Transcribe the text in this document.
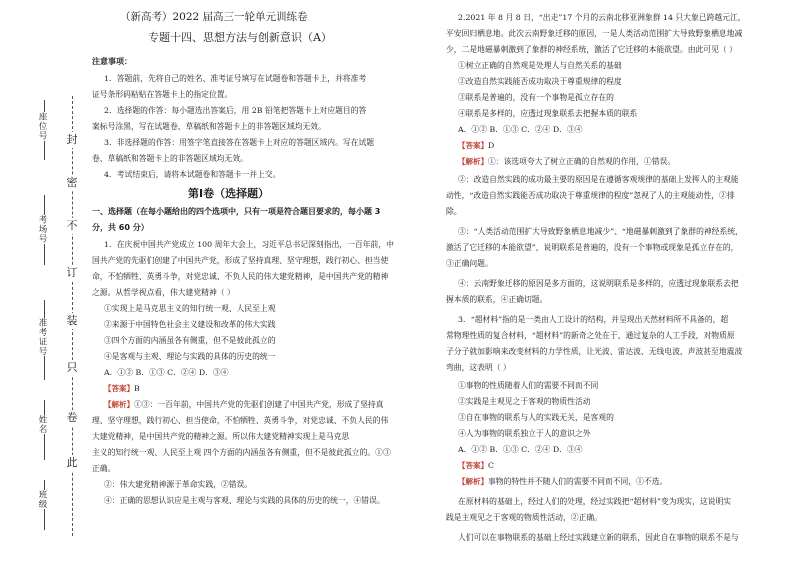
封
密
不
订
装
只
卷
此
座位号
考场号
准考证号
姓名
班级
（新高考）2022 届高三一轮单元训练卷
专题十四、思想方法与创新意识（A）
注意事项：
1．答题前，先将自己的姓名、准考证号填写在试题卷和答题卡上，并将准考
证号条形码粘贴在答题卡上的指定位置。
2．选择题的作答：每小题选出答案后，用 2B 铅笔把答题卡上对应题目的答
案标号涂黑，写在试题卷、草稿纸和答题卡上的非答题区域均无效。
3．非选择题的作答：用签字笔直接答在答题卡上对应的答题区域内。写在试题
卷、草稿纸和答题卡上的非答题区域均无效。
4．考试结束后，请将本试题卷和答题卡一并上交。
第Ⅰ卷（选择题）
一、选择题（在每小题给出的四个选项中，只有一项是符合题目要求的，每小题 3
分，共 60 分）
1．在庆祝中国共产党成立 100 周年大会上，习近平总书记深刻指出，一百年前，中
国共产党的先驱们创建了中国共产党，形成了坚持真理、坚守理想，践行初心、担当使
命，不怕牺牲、英勇斗争，对党忠诚、不负人民的伟大建党精神，是中国共产党的精神
之源。从哲学视点看，伟大建党精神（ ）
①实现上是马克思主义的知行统一观、人民至上观
②来源于中国特色社会主义建设和改革的伟大实践
③四个方面的内涵虽各有侧重，但不是彼此孤立的
④是客观与主观、理论与实践的具体的历史的统一
A．①② B．①③ C．②④ D．③④
【答案】B
【解析】①③：一百年前，中国共产党的先驱们创建了中国共产党，形成了坚持真
理、坚守理想，践行初心、担当使命，不怕牺牲、英勇斗争，对党忠诚、不负人民的伟
大建党精神，是中国共产党的精神之源。所以伟大建党精神实现上是马克思
主义的知行统一观、人民至上观 四个方面的内涵虽各有侧重，但不是彼此孤立的。①③
正确。
②：伟大建党精神源于革命实践，②错误。
④：正确的思想认识应是主观与客观、理论与实践的具体的历史的统一，④错误。
2.2021 年 8 月 8 日，“出走”17 个月的云南北移亚洲象群 14 只大象已跨越元江，
平安回归栖息地。此次云南野象迁移的原因，一是人类活动范围扩大导致野象栖息地减
少，二是地磁暴刺激到了象群的神经系统，激活了它迁移的本能欲望。由此可见（ ）
①树立正确的自然观是处理人与自然关系的基础
②改造自然实践能否成功取决于尊重规律的程度
③联系是普遍的，没有一个事物是孤立存在的
④联系是多样的，应透过现象联系去把握本质的联系
A．①② B．①③ C．②④ D．③④
【答案】D
【解析】①：该选项夸大了树立正确的自然观的作用，①错误。
②：改造自然实践的成功最主要的原因是在遵循客观规律的基础上发挥人的主观能
动性，“改造自然实践能否成功取决于尊重规律的程度”忽视了人的主观能动性，②排
除。
③：“人类活动范围扩大导致野象栖息地减少”、“地磁暴刺激到了象群的神经系统，
激活了它迁移的本能欲望”，说明联系是普遍的，没有一个事物或现象是孤立存在的，
③正确问题。
④：云南野象迁移的原因是多方面的，这说明联系是多样的，应透过现象联系去把
握本质的联系，④正确切题。
3．“超材料”指的是一类由人工设计的结构，并呈现出天然材料所不具备的，超
常物理性质的复合材料，“超材料”的新奇之处在于，通过复杂的人工手段，对物质原
子分子就加影响来改变材料的力学性质，让光波、雷达波、无线电波，声波甚至地震波
弯曲，这表明（ ）
①事物的性质随着人们的需要不同而不同
②实践是主观见之于客观的物质性活动
③自在事物的联系与人的实践无关，是客观的
④人为事物的联系独立于人的意识之外
A．①② B．①③ C．②④ D．③④
【答案】C
【解析】事物的特性并不随人们的需要不同而不同，①不选。
在原材料的基础上，经过人们的处理，经过实践把“超材料”变为现实，这说明实
践是主观见之于客观的物质性活动，②正确。
人们可以在事物联系的基础上经过实践建立新的联系，因此自在事物的联系不是与
